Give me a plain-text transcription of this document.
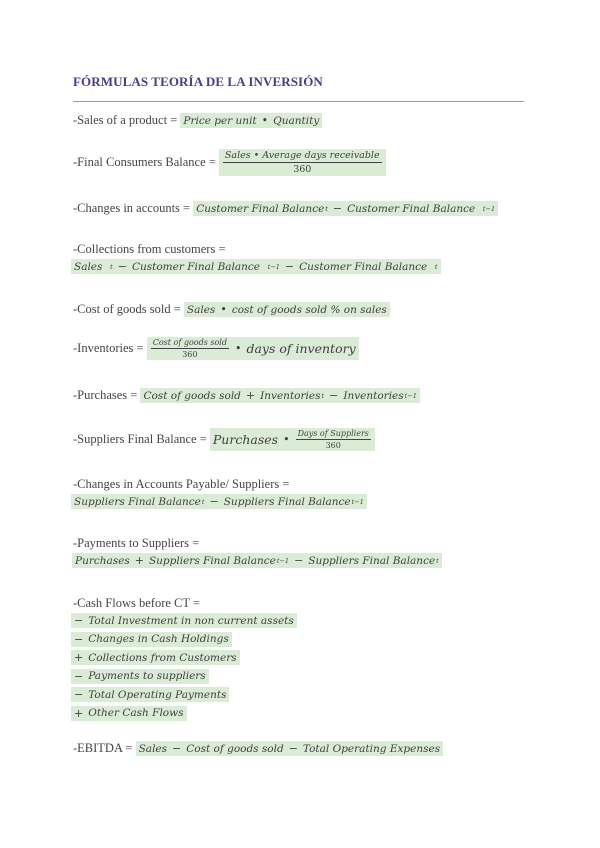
FÓRMULAS TEORÍA DE LA INVERSIÓN
-Sales of a product =
Price per unit • Quantity
-Final Consumers Balance =
$\frac{\text{Sales • Average days receivable}}{360}$
-Changes in accounts =
Customer Final Balance t − Customer Final Balance
t−1
-Collections from customers =
Sales
t − Customer Final Balance
t−1 − Customer Final Balance
t
-Cost of goods sold =
Sales • cost of goods sold % on sales
-Inventories =
$\frac{\text{Cost of goods sold}}{360}$ • days of inventory
-Purchases =
Cost of goods sold + Inventories t − Inventories t−1
-Suppliers Final Balance =
Purchases • $\frac{\text{Days of Suppliers}}{360}$
-Changes in Accounts Payable/ Suppliers =
Suppliers Final Balance t − Suppliers Final Balance t−1
-Payments to Suppliers =
Purchases + Suppliers Final Balance t−1 − Suppliers Final Balance t
-Cash Flows before CT =
− Total Investment in non current assets
− Changes in Cash Holdings
+ Collections from Customers
− Payments to suppliers
− Total Operating Payments
+ Other Cash Flows
-EBITDA =
Sales − Cost of goods sold − Total Operating Expenses
